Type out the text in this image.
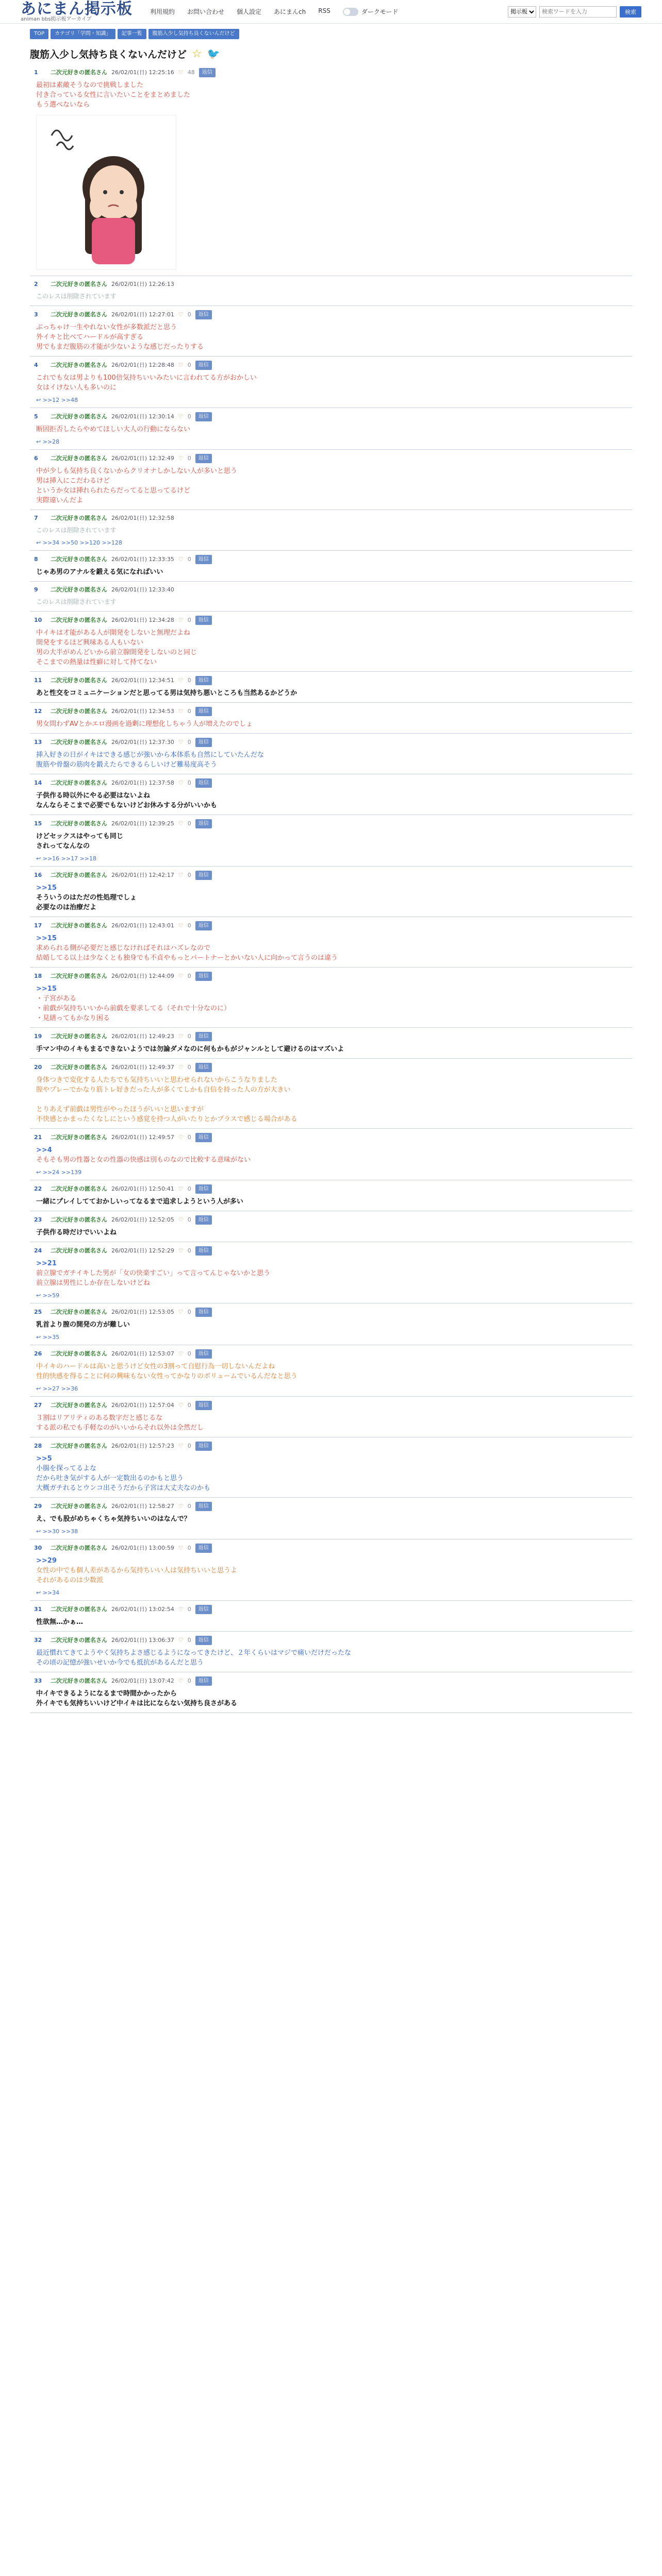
あにまん掲示板
animan bbs掲示板アーカイブ
利用規約 お問い合わせ 個人設定 あにまんch RSS	ダークモード
掲示板
検索ワードを入力	検索
TOP	カテゴリ「学問・知識」	記事一覧	腹筋入少し気持ち良くないんだけど
腹筋入少し気持ち良くないんだけど ☆ 🐦
1	二次元好きの匿名さん 26/02/01(日) 12:25:16 ♡ 48	返信
最初は素敵そうなので挑戦しました
付き合っている女性に言いたいことをまとめました
もう選べないなら
2	二次元好きの匿名さん 26/02/01(日) 12:26:13
このレスは削除されています
3	二次元好きの匿名さん 26/02/01(日) 12:27:01 ♡ 0	返信
ぶっちゃけ一生やれない女性が多数派だと思う
外イキと比べてハードルが高すぎる
男でもまだ腹筋の才能が少ないような感じだったりする
4	二次元好きの匿名さん 26/02/01(日) 12:28:48 ♡ 0	返信
これでも女は男よりも100倍気持ちいいみたいに言われてる方がおかしい
女はイけない人も多いのに
↩ >>12 >>48
5	二次元好きの匿名さん 26/02/01(日) 12:30:14 ♡ 0	返信
断固拒否したらやめてほしい大人の行動にならない
↩ >>28
6	二次元好きの匿名さん 26/02/01(日) 12:32:49 ♡ 0	返信
中が少しも気持ち良くないからクリオナしかしない人が多いと思う
男は挿入にこだわるけど
というか女は挿れられたらだってると思ってるけど
実際違いんだよ
7	二次元好きの匿名さん 26/02/01(日) 12:32:58
このレスは削除されています
↩ >>34 >>50 >>120 >>128
8	二次元好きの匿名さん 26/02/01(日) 12:33:35 ♡ 0	返信
じゃあ男のアナルを鍛える気になればいい
9	二次元好きの匿名さん 26/02/01(日) 12:33:40
このレスは削除されています
10	二次元好きの匿名さん 26/02/01(日) 12:34:28 ♡ 0	返信
中イキは才能がある人が開発をしないと無理だよね
開発をするほど興味ある人もいない
男の大半がめんどいから前立腺開発をしないのと同じ
そこまでの熱量は性癖に対して持てない
11	二次元好きの匿名さん 26/02/01(日) 12:34:51 ♡ 0	返信
あと性交をコミュニケーションだと思ってる男は気持ち悪いところも当然あるかどうか
12	二次元好きの匿名さん 26/02/01(日) 12:34:53 ♡ 0	返信
男女問わずAVとかエロ漫画を過剰に理想化しちゃう人が増えたのでしょ
13	二次元好きの匿名さん 26/02/01(日) 12:37:30 ♡ 0	返信
挿入好きの日がイキはできる感じが強いから本体系も自然にしていたんだな
腹筋や骨盤の筋肉を鍛えたらできるらしいけど難易度高そう
14	二次元好きの匿名さん 26/02/01(日) 12:37:58 ♡ 0	返信
子供作る時以外にやる必要はないよね
なんならそこまで必要でもないけどお休みする分がいいかも
15	二次元好きの匿名さん 26/02/01(日) 12:39:25 ♡ 0	返信
けどセックスはやっても同じ
されってなんなの
↩ >>16 >>17 >>18
16	二次元好きの匿名さん 26/02/01(日) 12:42:17 ♡ 0	返信
>>15
そういうのはただの性処理でしょ
必要なのは治療だよ
17	二次元好きの匿名さん 26/02/01(日) 12:43:01 ♡ 0	返信
>>15
求められる側が必要だと感じなければそれはハズレなので
結婚してる以上は少なくとも独身でも不貞やもっとパートナーとかいない人に向かって言うのは違う
18	二次元好きの匿名さん 26/02/01(日) 12:44:09 ♡ 0	返信
>>15
・子宮がある
・前戯が気持ちいいから前戯を要求してる（それで十分なのに）
・見繕ってもかなり困る
19	二次元好きの匿名さん 26/02/01(日) 12:49:23 ♡ 0	返信
手マン中のイキもまるできないようでは勿論ダメなのに何もかもがジャンルとして避けるのはマズいよ
20	二次元好きの匿名さん 26/02/01(日) 12:49:37 ♡ 0	返信
身体つきで変化する人たちでも気持ちいいと思わせられないからこうなりました
膣やプレーでかなり筋トレ好きだった人が多くてしかも自信を持った人の方が大きい

とりあえず前戯は男性がやったほうがいいと思いますが
不快感とかまったくなしにという感覚を持つ人がいたりとかプラスで感じる場合がある
21	二次元好きの匿名さん 26/02/01(日) 12:49:57 ♡ 0	返信
>>4
そもそも男の性器と女の性器の快感は別ものなので比較する意味がない
↩ >>24 >>139
22	二次元好きの匿名さん 26/02/01(日) 12:50:41 ♡ 0	返信
一緒にプレイしてておかしいってなるまで追求しようという人が多い
23	二次元好きの匿名さん 26/02/01(日) 12:52:05 ♡ 0	返信
子供作る時だけでいいよね
24	二次元好きの匿名さん 26/02/01(日) 12:52:29 ♡ 0	返信
>>21
前立腺でガチイキした男が「女の快楽すごい」って言ってんじゃないかと思う
前立腺は男性にしか存在しないけどね
↩ >>59
25	二次元好きの匿名さん 26/02/01(日) 12:53:05 ♡ 0	返信
乳首より膣の開発の方が難しい
↩ >>35
26	二次元好きの匿名さん 26/02/01(日) 12:53:07 ♡ 0	返信
中イキのハードルは高いと思うけど女性の3割って自慰行為一切しないんだよね
性的快感を得ることに何の興味もない女性ってかなりのボリュームでいるんだなと思う
↩ >>27 >>36
27	二次元好きの匿名さん 26/02/01(日) 12:57:04 ♡ 0	返信
３割はリアリティのある数字だと感じるな
する派の私でも手軽なのがいいからそれ以外は全然だし
28	二次元好きの匿名さん 26/02/01(日) 12:57:23 ♡ 0	返信
>>5
小腸を探ってるよな
だから吐き気がする人が一定数出るのかもと思う
大概ガチれるとウンコ出そうだから子宮は大丈夫なのかも
29	二次元好きの匿名さん 26/02/01(日) 12:58:27 ♡ 0	返信
え、でも股がめちゃくちゃ気持ちいいのはなんで？
↩ >>30 >>38
30	二次元好きの匿名さん 26/02/01(日) 13:00:59 ♡ 0	返信
>>29
女性の中でも個人差があるから気持ちいい人は気持ちいいと思うよ
それがあるのは少数派
↩ >>34
31	二次元好きの匿名さん 26/02/01(日) 13:02:54 ♡ 0	返信
性欲無…かぁ…
32	二次元好きの匿名さん 26/02/01(日) 13:06:37 ♡ 0	返信
最近慣れてきてようやく気持ちよさ感じるようになってきたけど、２年くらいはマジで痛いだけだったな
その頃の記憶が強いせいか今でも抵抗があるんだと思う
33	二次元好きの匿名さん 26/02/01(日) 13:07:42 ♡ 0	返信
中イキできるようになるまで時間かかったから
外イキでも気持ちいいけど中イキは比にならない気持ち良さがある
